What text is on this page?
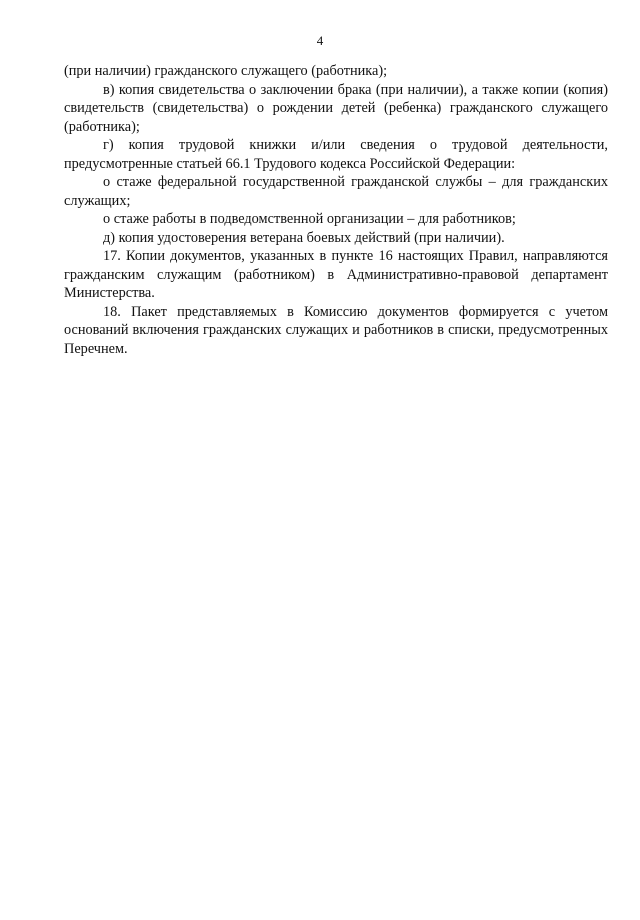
4

(при наличии) гражданского служащего (работника);

в) копия свидетельства о заключении брака (при наличии), а также копии (копия) свидетельств (свидетельства) о рождении детей (ребенка) гражданского служащего (работника);

г) копия трудовой книжки и/или сведения о трудовой деятельности, предусмотренные статьей 66.1 Трудового кодекса Российской Федерации:

о стаже федеральной государственной гражданской службы – для гражданских служащих;

о стаже работы в подведомственной организации – для работников;

д) копия удостоверения ветерана боевых действий (при наличии).

17. Копии документов, указанных в пункте 16 настоящих Правил, направляются гражданским служащим (работником) в Административно-правовой департамент Министерства.

18. Пакет представляемых в Комиссию документов формируется с учетом оснований включения гражданских служащих и работников в списки, предусмотренных Перечнем.
